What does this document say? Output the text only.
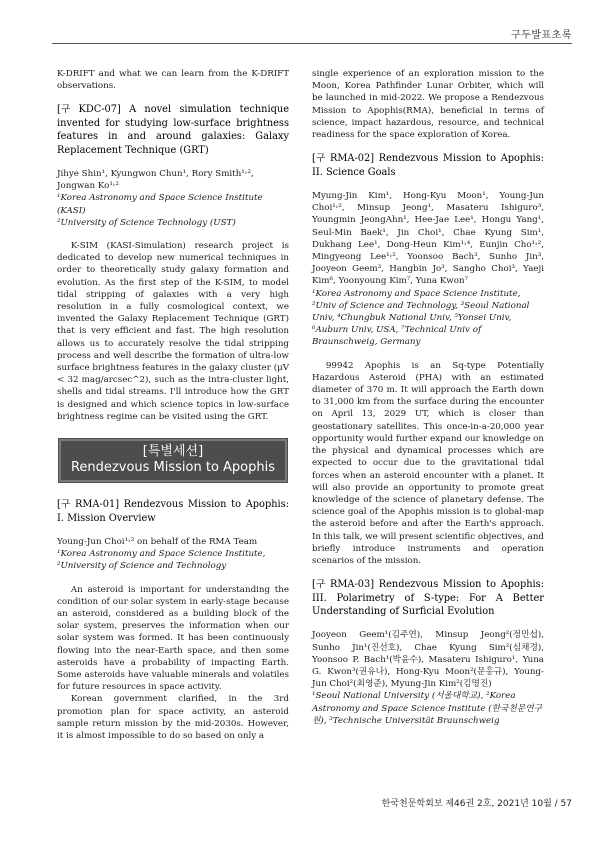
구두발표초록

K-DRIFT and what we can learn from the K-DRIFT observations.

[구 KDC-07] A novel simulation technique invented for studying low-surface brightness features in and around galaxies: Galaxy Replacement Technique (GRT)

Jihye Shin¹, Kyungwon Chun¹, Rory Smith¹˒², Jongwan Ko¹˒²

¹Korea Astronomy and Space Science Institute (KASI)

²University of Science Technology (UST)

K-SIM (KASI-Simulation) research project is dedicated to develop new numerical techniques in order to theoretically study galaxy formation and evolution. As the first step of the K-SIM, to model tidal stripping of galaxies with a very high resolution in a fully cosmological context, we invented the Galaxy Replacement Technique (GRT) that is very efficient and fast. The high resolution allows us to accurately resolve the tidal stripping process and well describe the formation of ultra-low surface brightness features in the galaxy cluster (μV < 32 mag/arcsec^2), such as the intra-cluster light, shells and tidal streams. I'll introduce how the GRT is designed and which science topics in low-surface brightness regime can be visited using the GRT.

[특별세션]
Rendezvous Mission to Apophis

[구 RMA-01] Rendezvous Mission to Apophis: I. Mission Overview

Young-Jun Choi¹˒² on behalf of the RMA Team

¹Korea Astronomy and Space Science Institute,

²University of Science and Technology

An asteroid is important for understanding the condition of our solar system in early-stage because an asteroid, considered as a building block of the solar system, preserves the information when our solar system was formed. It has been continuously flowing into the near-Earth space, and then some asteroids have a probability of impacting Earth. Some asteroids have valuable minerals and volatiles for future resources in space activity.

Korean government clarified, in the 3rd promotion plan for space activity, an asteroid sample return mission by the mid-2030s. However, it is almost impossible to do so based on only a

single experience of an exploration mission to the Moon, Korea Pathfinder Lunar Orbiter, which will be launched in mid-2022. We propose a Rendezvous Mission to Apophis(RMA), beneficial in terms of science, impact hazardous, resource, and technical readiness for the space exploration of Korea.

[구 RMA-02] Rendezvous Mission to Apophis: II. Science Goals

Myung-Jin Kim¹, Hong-Kyu Moon¹, Young-Jun Choi¹˒², Minsup Jeong¹, Masateru Ishiguro³, Youngmin JeongAhn¹, Hee-Jae Lee¹, Hongu Yang¹, Seul-Min Baek¹, Jin Choi¹, Chae Kyung Sim¹, Dukhang Lee¹, Dong-Heun Kim¹˒⁴, Eunjin Cho¹˒², Mingyeong Lee¹˒², Yoonsoo Bach³, Sunho Jin³, Jooyeon Geem³, Hangbin Jo³, Sangho Choi³, Yaeji Kim⁶, Yoonyoung Kim⁷, Yuna Kwon⁷

¹Korea Astronomy and Space Science Institute,

²Univ of Science and Technology, ³Seoul National Univ, ⁴Chungbuk National Univ, ⁵Yonsei Univ, ⁶Auburn Univ, USA, ⁷Technical Univ of Braunschweig, Germany

99942 Apophis is an Sq-type Potentially Hazardous Asteroid (PHA) with an estimated diameter of 370 m. It will approach the Earth down to 31,000 km from the surface during the encounter on April 13, 2029 UT, which is closer than geostationary satellites. This once-in-a-20,000 year opportunity would further expand our knowledge on the physical and dynamical processes which are expected to occur due to the gravitational tidal forces when an asteroid encounter with a planet. It will also provide an opportunity to promote great knowledge of the science of planetary defense. The science goal of the Apophis mission is to global-map the asteroid before and after the Earth's approach. In this talk, we will present scientific objectives, and briefly introduce instruments and operation scenarios of the mission.

[구 RMA-03] Rendezvous Mission to Apophis: III. Polarimetry of S-type: For A Better Understanding of Surficial Evolution

Jooyeon Geem¹(김주연), Minsup Jeong²(정민섭), Sunho Jin¹(진선호), Chae Kyung Sim²(심채경), Yoonsoo P. Bach¹(박윤수), Masateru Ishiguro¹, Yuna G. Kwon³(권유나), Hong-Kyu Moon²(문홍규), Young-Jun Choi²(최영준), Myung-Jin Kim²(김명진)

¹Seoul National University (서울대학교), ²Korea Astronomy and Space Science Institute (한국천문연구원), ³Technische Universität Braunschweig

한국천문학회보 제46권 2호, 2021년 10월 / 57
